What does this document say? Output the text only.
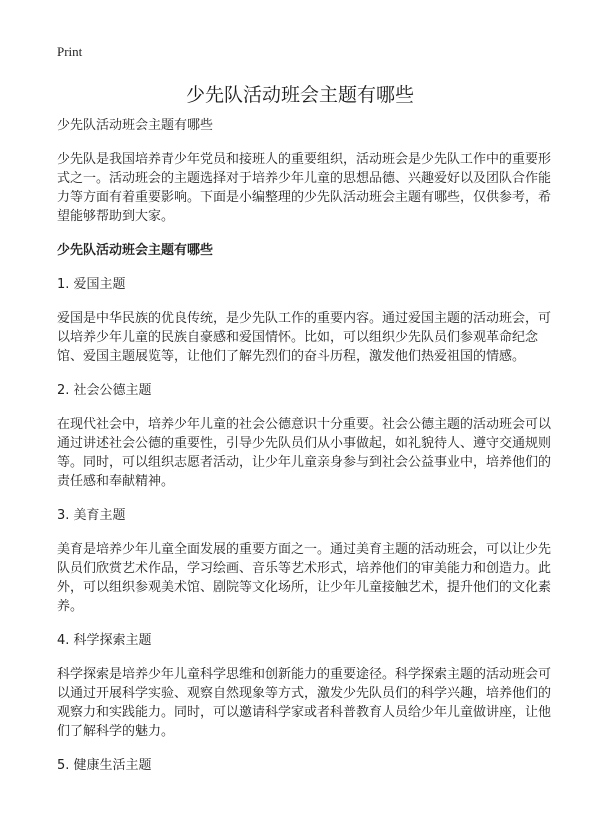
Print
少先队活动班会主题有哪些

少先队活动班会主题有哪些

少先队是我国培养青少年党员和接班人的重要组织，活动班会是少先队工作中的重要形式之一。活动班会的主题选择对于培养少年儿童的思想品德、兴趣爱好以及团队合作能力等方面有着重要影响。下面是小编整理的少先队活动班会主题有哪些，仅供参考，希望能够帮助到大家。

少先队活动班会主题有哪些

1. 爱国主题

爱国是中华民族的优良传统，是少先队工作的重要内容。通过爱国主题的活动班会，可以培养少年儿童的民族自豪感和爱国情怀。比如，可以组织少先队员们参观革命纪念馆、爱国主题展览等，让他们了解先烈们的奋斗历程，激发他们热爱祖国的情感。

2. 社会公德主题

在现代社会中，培养少年儿童的社会公德意识十分重要。社会公德主题的活动班会可以通过讲述社会公德的重要性，引导少先队员们从小事做起，如礼貌待人、遵守交通规则等。同时，可以组织志愿者活动，让少年儿童亲身参与到社会公益事业中，培养他们的责任感和奉献精神。

3. 美育主题

美育是培养少年儿童全面发展的重要方面之一。通过美育主题的活动班会，可以让少先队员们欣赏艺术作品，学习绘画、音乐等艺术形式，培养他们的审美能力和创造力。此外，可以组织参观美术馆、剧院等文化场所，让少年儿童接触艺术，提升他们的文化素养。

4. 科学探索主题

科学探索是培养少年儿童科学思维和创新能力的重要途径。科学探索主题的活动班会可以通过开展科学实验、观察自然现象等方式，激发少先队员们的科学兴趣，培养他们的观察力和实践能力。同时，可以邀请科学家或者科普教育人员给少年儿童做讲座，让他们了解科学的魅力。

5. 健康生活主题
